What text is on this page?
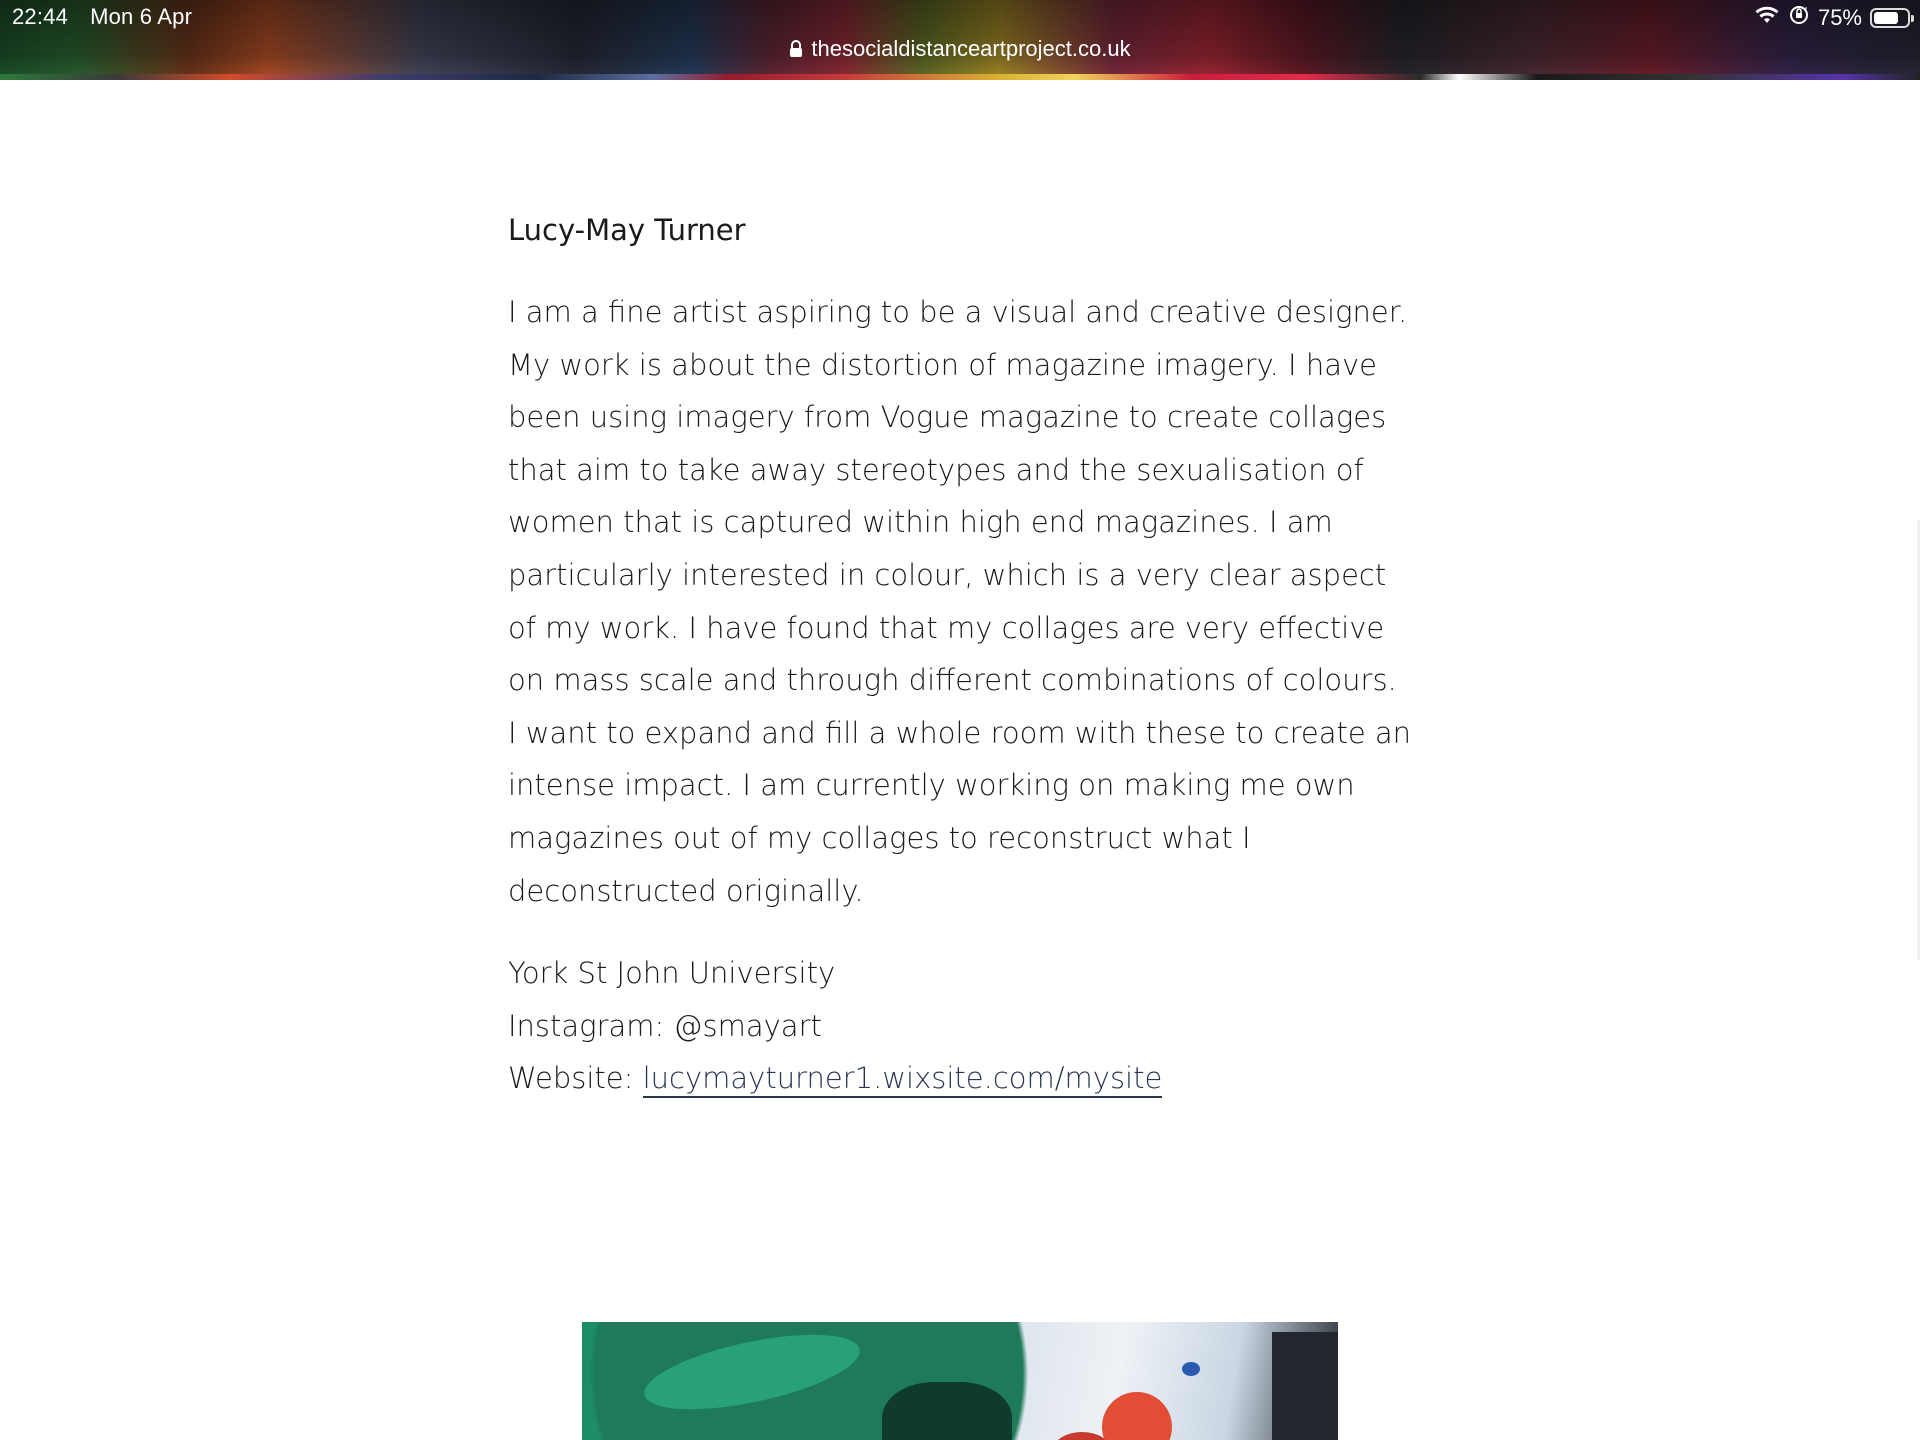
22:44 Mon 6 Apr	75%
thesocialdistanceartproject.co.uk

Lucy-May Turner

I am a fine artist aspiring to be a visual and creative designer. My work is about the distortion of magazine imagery. I have been using imagery from Vogue magazine to create collages that aim to take away stereotypes and the sexualisation of women that is captured within high end magazines. I am particularly interested in colour, which is a very clear aspect of my work. I have found that my collages are very effective on mass scale and through different combinations of colours. I want to expand and fill a whole room with these to create an intense impact. I am currently working on making me own magazines out of my collages to reconstruct what I deconstructed originally.

York St John University
Instagram: @smayart
Website: lucymayturner1.wixsite.com/mysite
